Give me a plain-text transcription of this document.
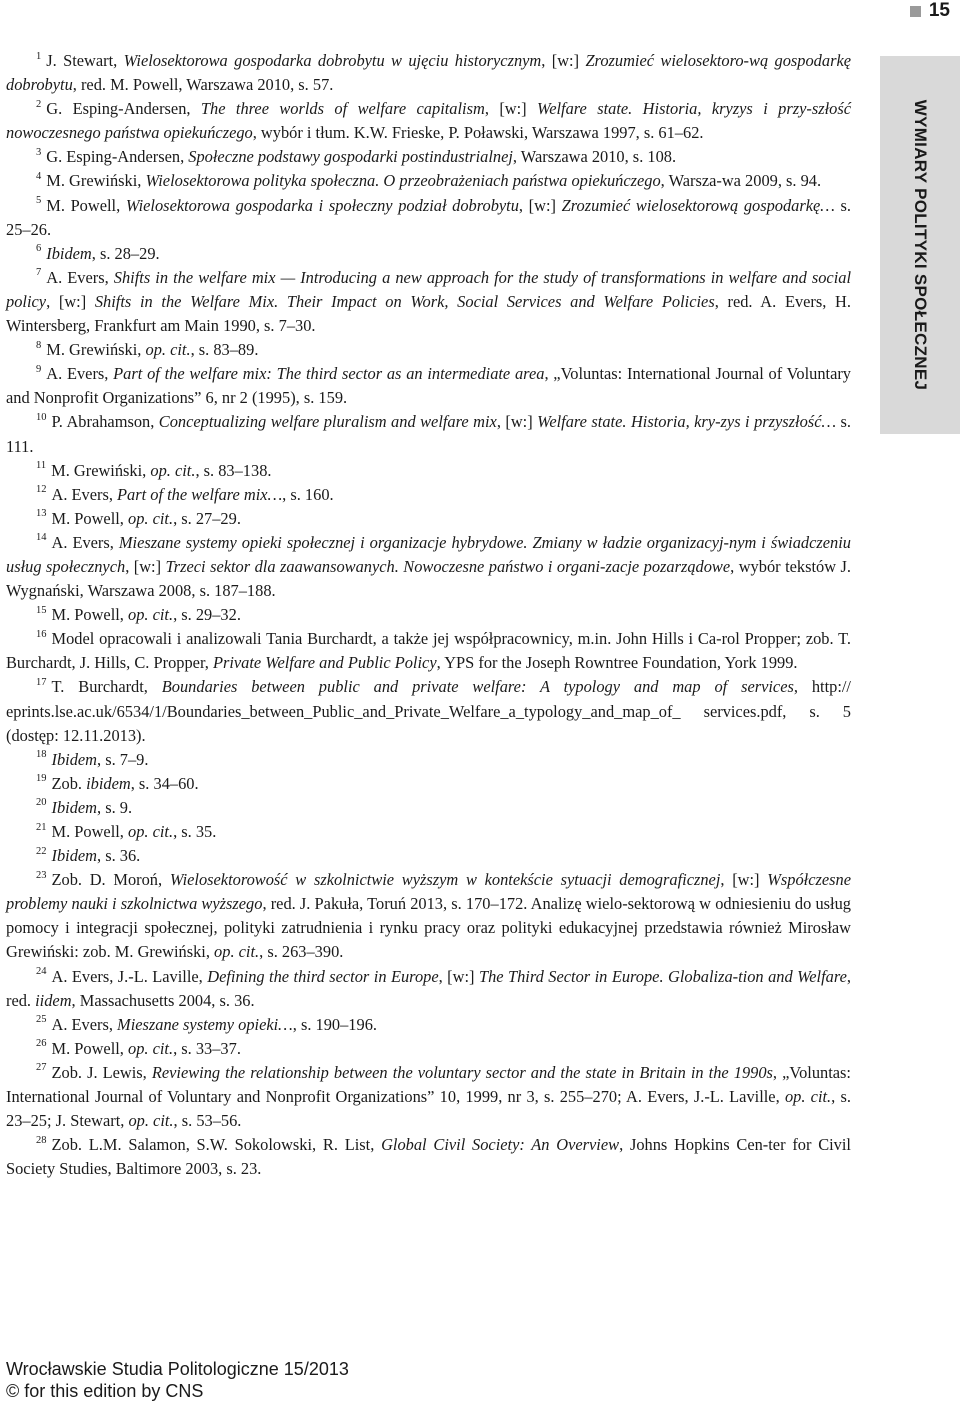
15
WYMIARY POLITYKI SPOŁECZNEJ

$^1$ J. Stewart, Wielosektorowa gospodarka dobrobytu w ujęciu historycznym, [w:] Zrozumieć wielosektoro-wą gospodarkę dobrobytu, red. M. Powell, Warszawa 2010, s. 57.

$^2$ G. Esping-Andersen, The three worlds of welfare capitalism, [w:] Welfare state. Historia, kryzys i przy-szłość nowoczesnego państwa opiekuńczego, wybór i tłum. K.W. Frieske, P. Poławski, Warszawa 1997, s. 61–62.

$^3$ G. Esping-Andersen, Społeczne podstawy gospodarki postindustrialnej, Warszawa 2010, s. 108.

$^4$ M. Grewiński, Wielosektorowa polityka społeczna. O przeobrażeniach państwa opiekuńczego, Warsza-wa 2009, s. 94.

$^5$ M. Powell, Wielosektorowa gospodarka i społeczny podział dobrobytu, [w:] Zrozumieć wielosektorową gospodarkę… s. 25–26.

$^6$ Ibidem, s. 28–29.

$^7$ A. Evers, Shifts in the welfare mix — Introducing a new approach for the study of transformations in welfare and social policy, [w:] Shifts in the Welfare Mix. Their Impact on Work, Social Services and Welfare Policies, red. A. Evers, H. Wintersberg, Frankfurt am Main 1990, s. 7–30.

$^8$ M. Grewiński, op. cit., s. 83–89.

$^9$ A. Evers, Part of the welfare mix: The third sector as an intermediate area, „Voluntas: International Journal of Voluntary and Nonprofit Organizations” 6, nr 2 (1995), s. 159.

$^{10}$ P. Abrahamson, Conceptualizing welfare pluralism and welfare mix, [w:] Welfare state. Historia, kry-zys i przyszłość… s. 111.

$^{11}$ M. Grewiński, op. cit., s. 83–138.

$^{12}$ A. Evers, Part of the welfare mix…, s. 160.

$^{13}$ M. Powell, op. cit., s. 27–29.

$^{14}$ A. Evers, Mieszane systemy opieki społecznej i organizacje hybrydowe. Zmiany w ładzie organizacyj-nym i świadczeniu usług społecznych, [w:] Trzeci sektor dla zaawansowanych. Nowoczesne państwo i organi-zacje pozarządowe, wybór tekstów J. Wygnański, Warszawa 2008, s. 187–188.

$^{15}$ M. Powell, op. cit., s. 29–32.

$^{16}$ Model opracowali i analizowali Tania Burchardt, a także jej współpracownicy, m.in. John Hills i Ca-rol Propper; zob. T. Burchardt, J. Hills, C. Propper, Private Welfare and Public Policy, YPS for the Joseph Rowntree Foundation, York 1999.

$^{17}$ T. Burchardt, Boundaries between public and private welfare: A typology and map of services, http:// eprints.lse.ac.uk/6534/1/Boundaries_between_Public_and_Private_Welfare_a_typology_and_map_of_ services.pdf, s. 5 (dostęp: 12.11.2013).

$^{18}$ Ibidem, s. 7–9.

$^{19}$ Zob. ibidem, s. 34–60.

$^{20}$ Ibidem, s. 9.

$^{21}$ M. Powell, op. cit., s. 35.

$^{22}$ Ibidem, s. 36.

$^{23}$ Zob. D. Moroń, Wielosektorowość w szkolnictwie wyższym w kontekście sytuacji demograficznej, [w:] Współczesne problemy nauki i szkolnictwa wyższego, red. J. Pakuła, Toruń 2013, s. 170–172. Analizę wielo-sektorową w odniesieniu do usług pomocy i integracji społecznej, polityki zatrudnienia i rynku pracy oraz polityki edukacyjnej przedstawia również Mirosław Grewiński: zob. M. Grewiński, op. cit., s. 263–390.

$^{24}$ A. Evers, J.-L. Laville, Defining the third sector in Europe, [w:] The Third Sector in Europe. Globaliza-tion and Welfare, red. iidem, Massachusetts 2004, s. 36.

$^{25}$ A. Evers, Mieszane systemy opieki…, s. 190–196.

$^{26}$ M. Powell, op. cit., s. 33–37.

$^{27}$ Zob. J. Lewis, Reviewing the relationship between the voluntary sector and the state in Britain in the 1990s, „Voluntas: International Journal of Voluntary and Nonprofit Organizations” 10, 1999, nr 3, s. 255–270; A. Evers, J.-L. Laville, op. cit., s. 23–25; J. Stewart, op. cit., s. 53–56.

$^{28}$ Zob. L.M. Salamon, S.W. Sokolowski, R. List, Global Civil Society: An Overview, Johns Hopkins Cen-ter for Civil Society Studies, Baltimore 2003, s. 23.

Wrocławskie Studia Politologiczne 15/2013
© for this edition by CNS
